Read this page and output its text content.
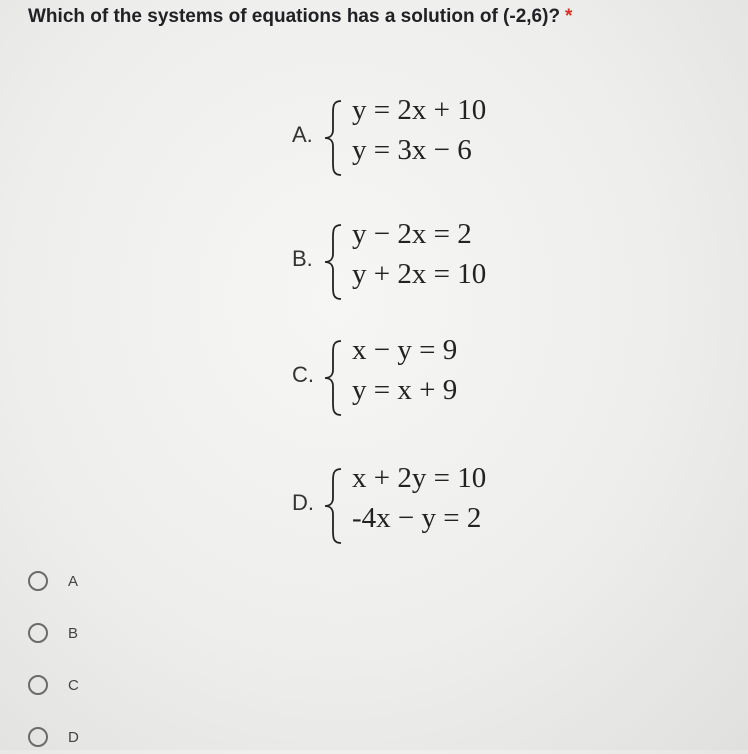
Which of the systems of equations has a solution of (-2,6)? *
A.
y = 2x + 10
y = 3x − 6
B.
y − 2x = 2
y + 2x = 10
C.
x − y = 9
y = x + 9
D.
x + 2y = 10
-4x − y = 2
A
B
C
D
